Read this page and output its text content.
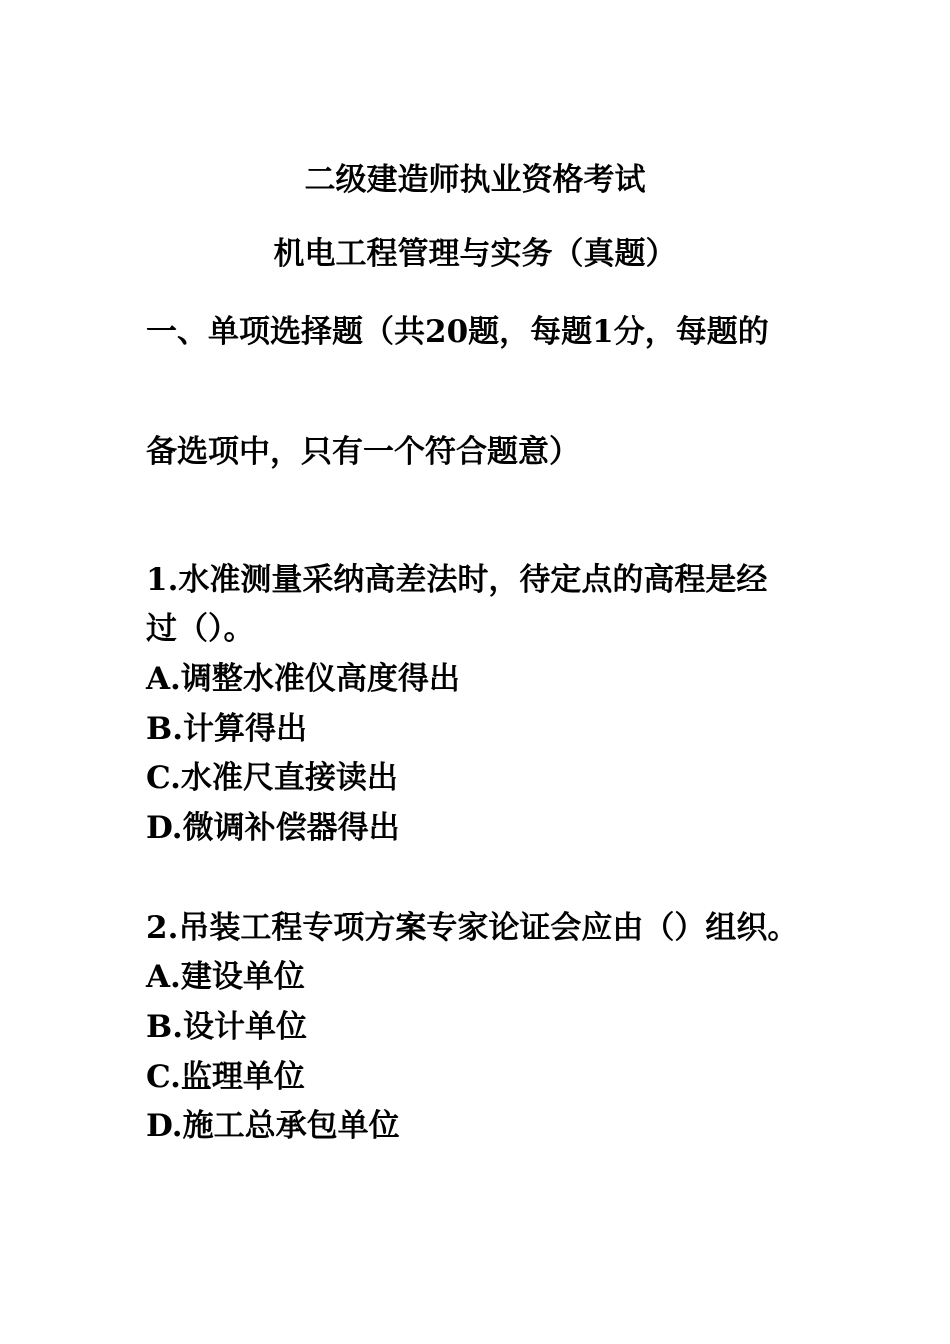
二级建造师执业资格考试
机电工程管理与实务（真题）
一、单项选择题（共20题，每题1分，每题的
备选项中，只有一个符合题意）
1.水准测量采纳高差法时，待定点的高程是经
过（）。
A.调整水准仪高度得出
B.计算得出
C.水准尺直接读出
D.微调补偿器得出
2.吊装工程专项方案专家论证会应由（）组织。
A.建设单位
B.设计单位
C.监理单位
D.施工总承包单位
